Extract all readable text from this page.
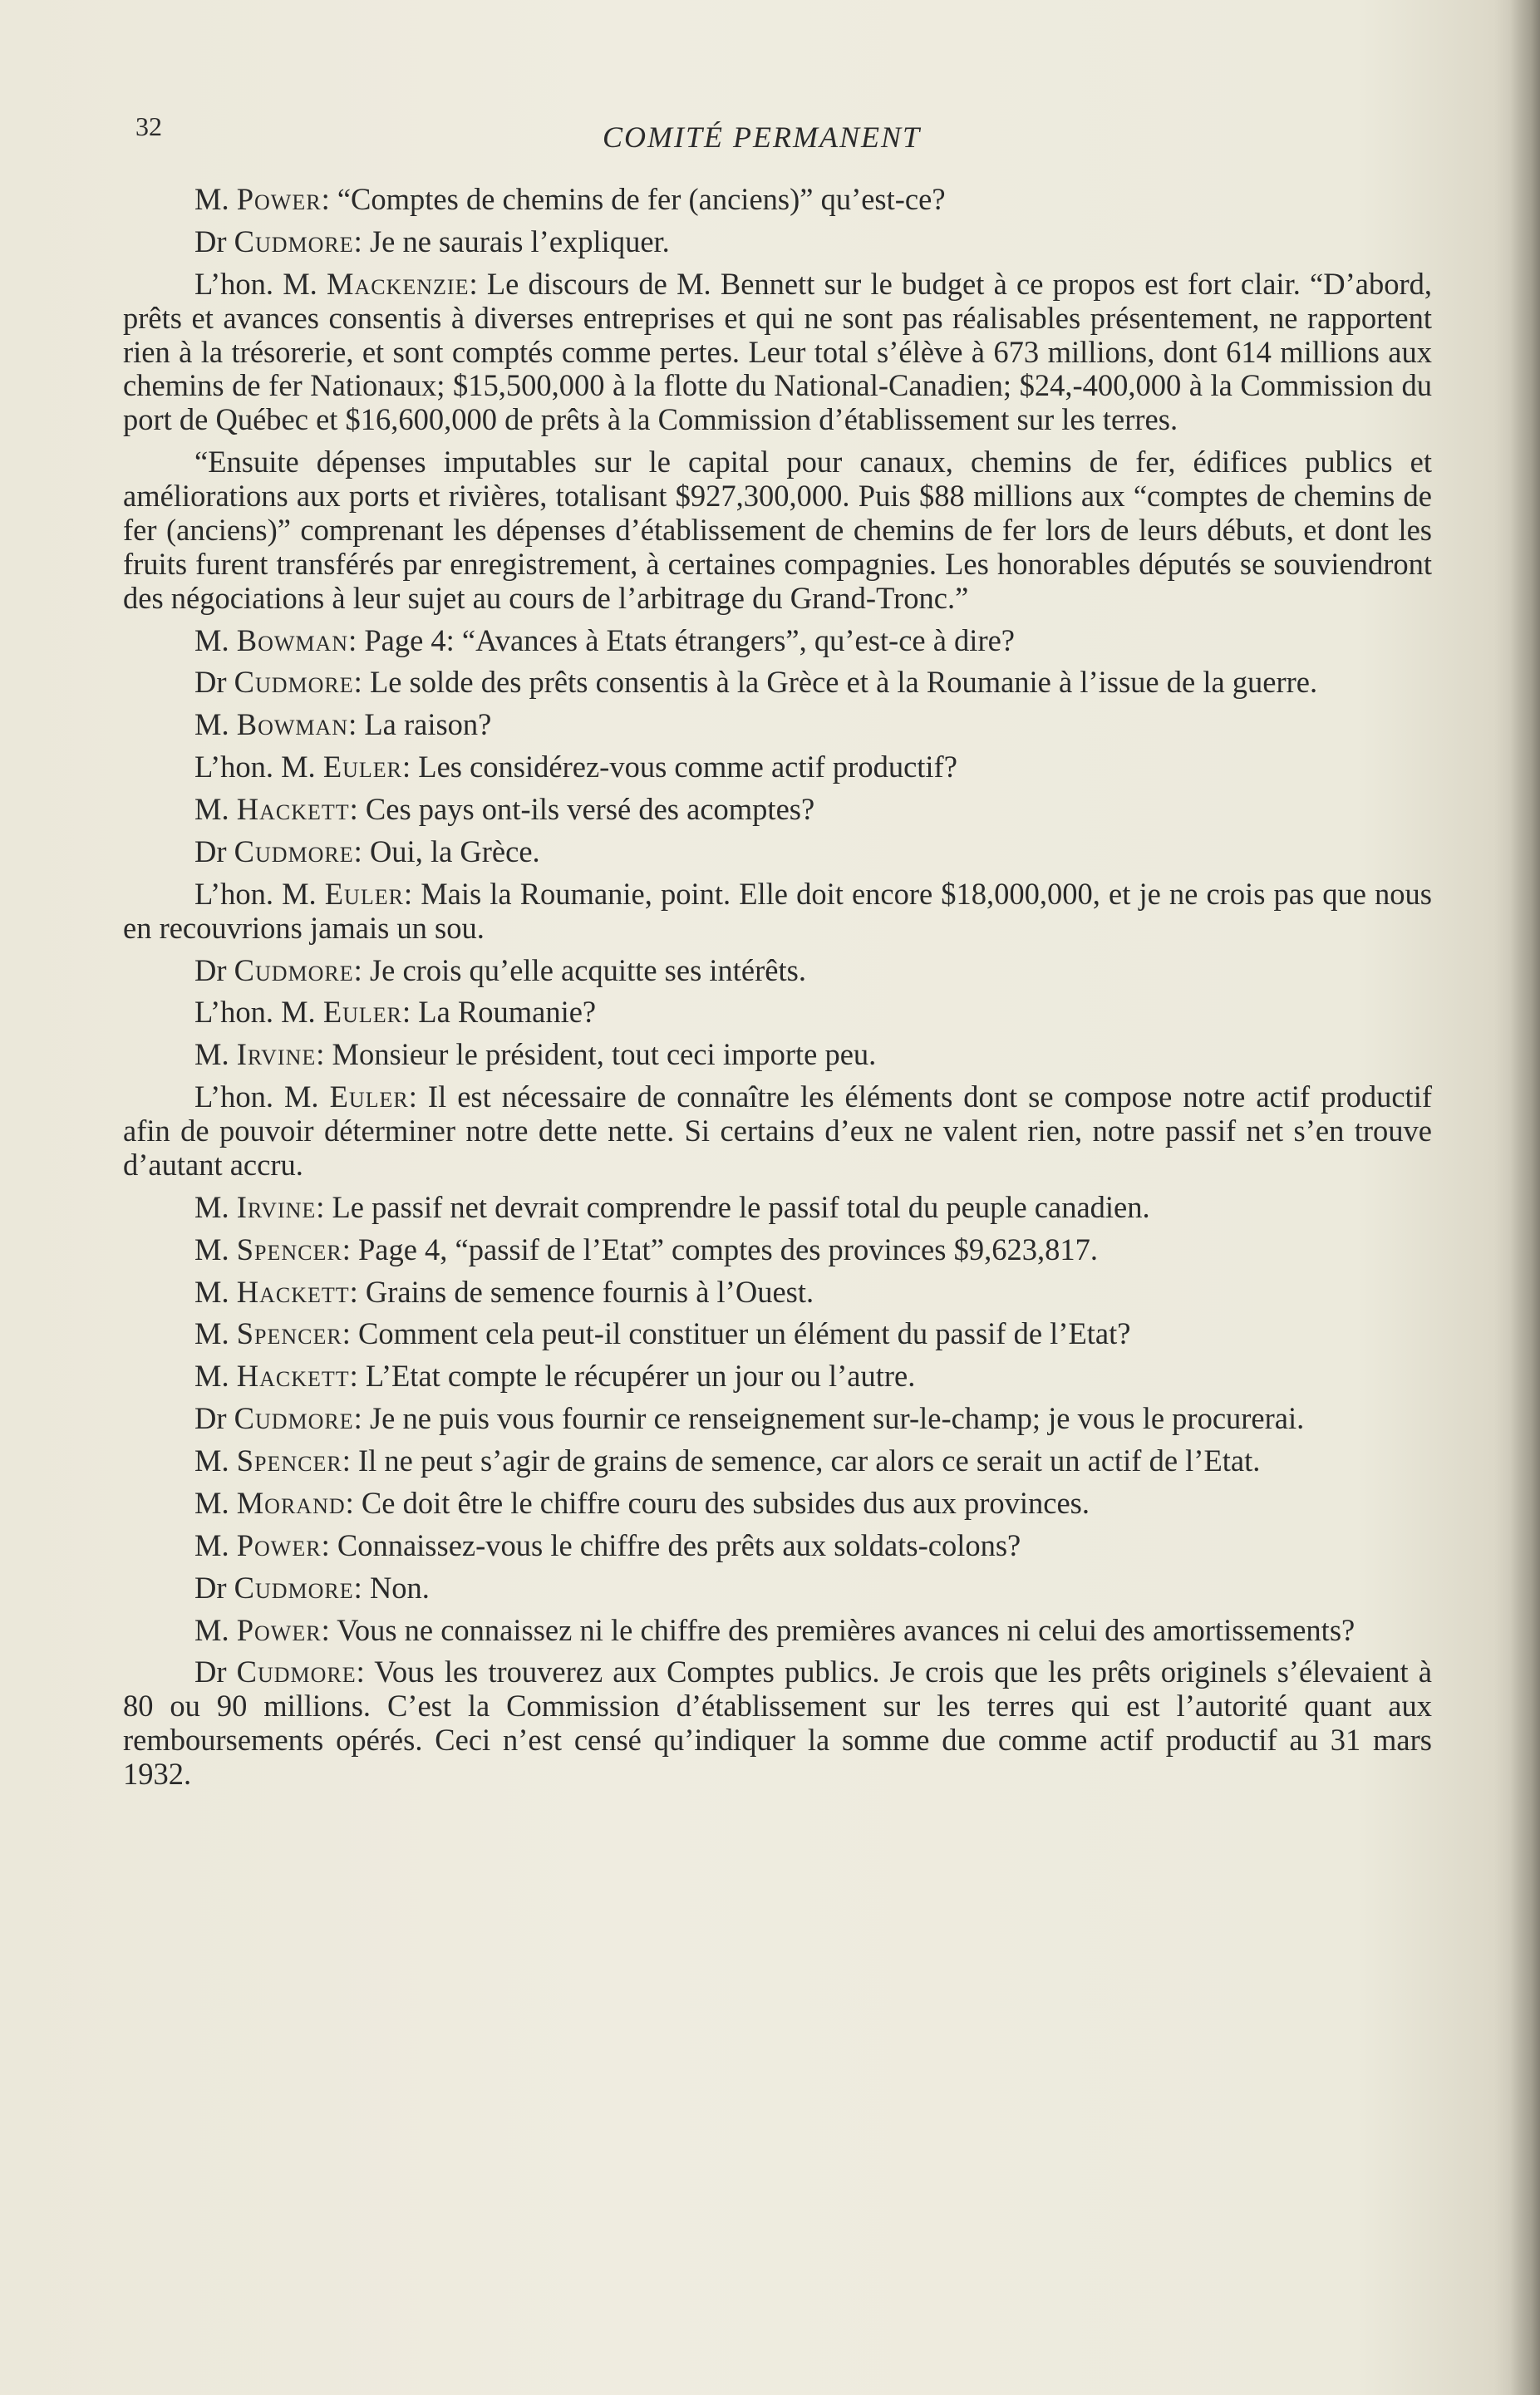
32	COMITÉ PERMANENT

M. Power: “Comptes de chemins de fer (anciens)” qu’est-ce?

Dr Cudmore: Je ne saurais l’expliquer.

L’hon. M. Mackenzie: Le discours de M. Bennett sur le budget à ce propos est fort clair. “D’abord, prêts et avances consentis à diverses entreprises et qui ne sont pas réalisables présentement, ne rapportent rien à la trésorerie, et sont comptés comme pertes. Leur total s’élève à 673 millions, dont 614 millions aux chemins de fer Nationaux; $15,500,000 à la flotte du National-Canadien; $24,-400,000 à la Commission du port de Québec et $16,600,000 de prêts à la Commission d’établissement sur les terres.

“Ensuite dépenses imputables sur le capital pour canaux, chemins de fer, édifices publics et améliorations aux ports et rivières, totalisant $927,300,000. Puis $88 millions aux “comptes de chemins de fer (anciens)” comprenant les dépenses d’établissement de chemins de fer lors de leurs débuts, et dont les fruits furent transférés par enregistrement, à certaines compagnies. Les honorables députés se souviendront des négociations à leur sujet au cours de l’arbitrage du Grand-Tronc.”

M. Bowman: Page 4: “Avances à Etats étrangers”, qu’est-ce à dire?

Dr Cudmore: Le solde des prêts consentis à la Grèce et à la Roumanie à l’issue de la guerre.

M. Bowman: La raison?

L’hon. M. Euler: Les considérez-vous comme actif productif?

M. Hackett: Ces pays ont-ils versé des acomptes?

Dr Cudmore: Oui, la Grèce.

L’hon. M. Euler: Mais la Roumanie, point. Elle doit encore $18,000,000, et je ne crois pas que nous en recouvrions jamais un sou.

Dr Cudmore: Je crois qu’elle acquitte ses intérêts.

L’hon. M. Euler: La Roumanie?

M. Irvine: Monsieur le président, tout ceci importe peu.

L’hon. M. Euler: Il est nécessaire de connaître les éléments dont se compose notre actif productif afin de pouvoir déterminer notre dette nette. Si certains d’eux ne valent rien, notre passif net s’en trouve d’autant accru.

M. Irvine: Le passif net devrait comprendre le passif total du peuple canadien.

M. Spencer: Page 4, “passif de l’Etat” comptes des provinces $9,623,817.

M. Hackett: Grains de semence fournis à l’Ouest.

M. Spencer: Comment cela peut-il constituer un élément du passif de l’Etat?

M. Hackett: L’Etat compte le récupérer un jour ou l’autre.

Dr Cudmore: Je ne puis vous fournir ce renseignement sur-le-champ; je vous le procurerai.

M. Spencer: Il ne peut s’agir de grains de semence, car alors ce serait un actif de l’Etat.

M. Morand: Ce doit être le chiffre couru des subsides dus aux provinces.

M. Power: Connaissez-vous le chiffre des prêts aux soldats-colons?

Dr Cudmore: Non.

M. Power: Vous ne connaissez ni le chiffre des premières avances ni celui des amortissements?

Dr Cudmore: Vous les trouverez aux Comptes publics. Je crois que les prêts originels s’élevaient à 80 ou 90 millions. C’est la Commission d’établissement sur les terres qui est l’autorité quant aux remboursements opérés. Ceci n’est censé qu’indiquer la somme due comme actif productif au 31 mars 1932.
